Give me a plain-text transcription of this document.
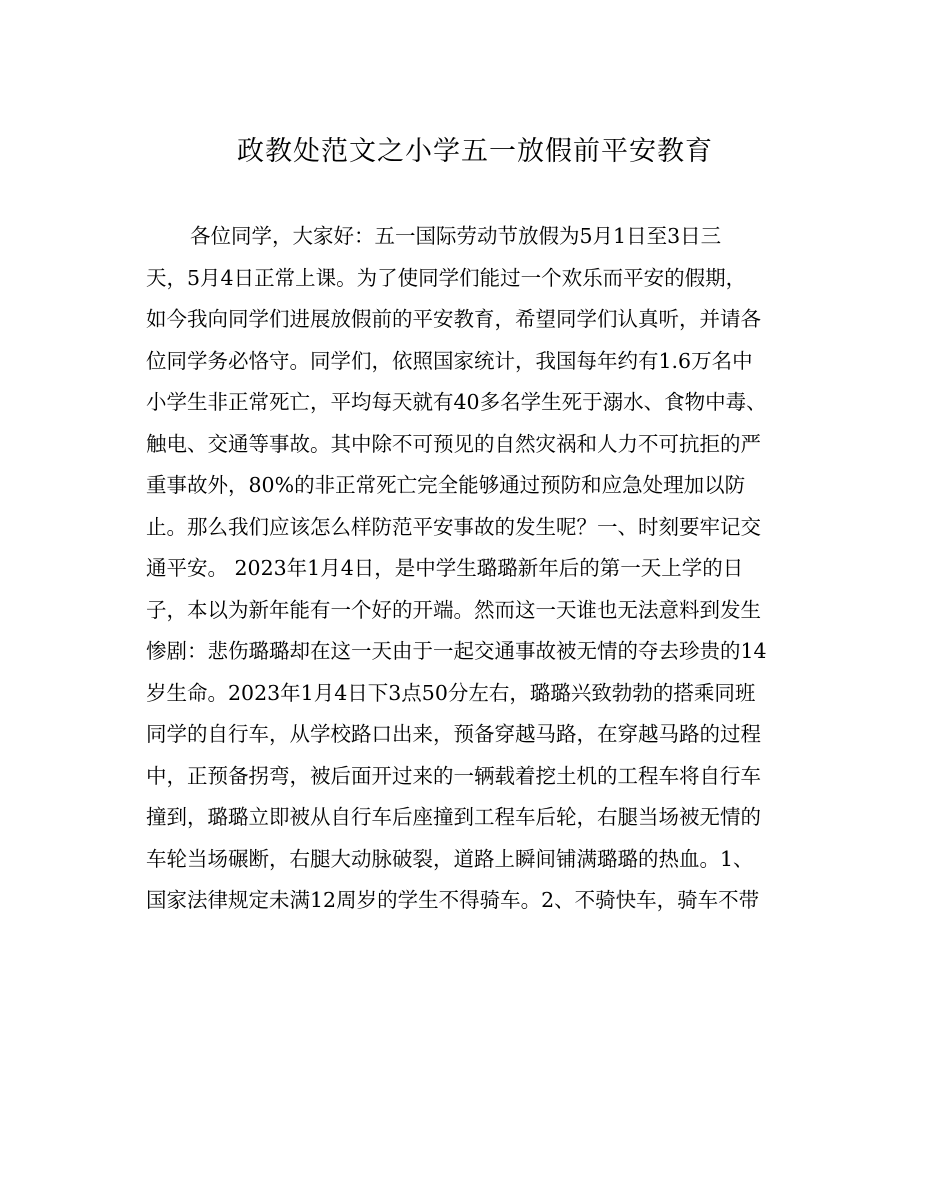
政教处范文之小学五一放假前平安教育
各位同学，大家好：五一国际劳动节放假为5月1日至3日三
天，5月4日正常上课。为了使同学们能过一个欢乐而平安的假期，
如今我向同学们进展放假前的平安教育，希望同学们认真听，并请各
位同学务必恪守。同学们，依照国家统计，我国每年约有1.6万名中
小学生非正常死亡，平均每天就有40多名学生死于溺水、食物中毒、
触电、交通等事故。其中除不可预见的自然灾祸和人力不可抗拒的严
重事故外，80%的非正常死亡完全能够通过预防和应急处理加以防
止。那么我们应该怎么样防范平安事故的发生呢？一、时刻要牢记交
通平安。 2023年1月4日，是中学生璐璐新年后的第一天上学的日
子，本以为新年能有一个好的开端。然而这一天谁也无法意料到发生
惨剧：悲伤璐璐却在这一天由于一起交通事故被无情的夺去珍贵的14
岁生命。2023年1月4日下3点50分左右，璐璐兴致勃勃的搭乘同班
同学的自行车，从学校路口出来，预备穿越马路，在穿越马路的过程
中，正预备拐弯，被后面开过来的一辆载着挖土机的工程车将自行车
撞到，璐璐立即被从自行车后座撞到工程车后轮，右腿当场被无情的
车轮当场碾断，右腿大动脉破裂，道路上瞬间铺满璐璐的热血。1、
国家法律规定未满12周岁的学生不得骑车。2、不骑快车，骑车不带
